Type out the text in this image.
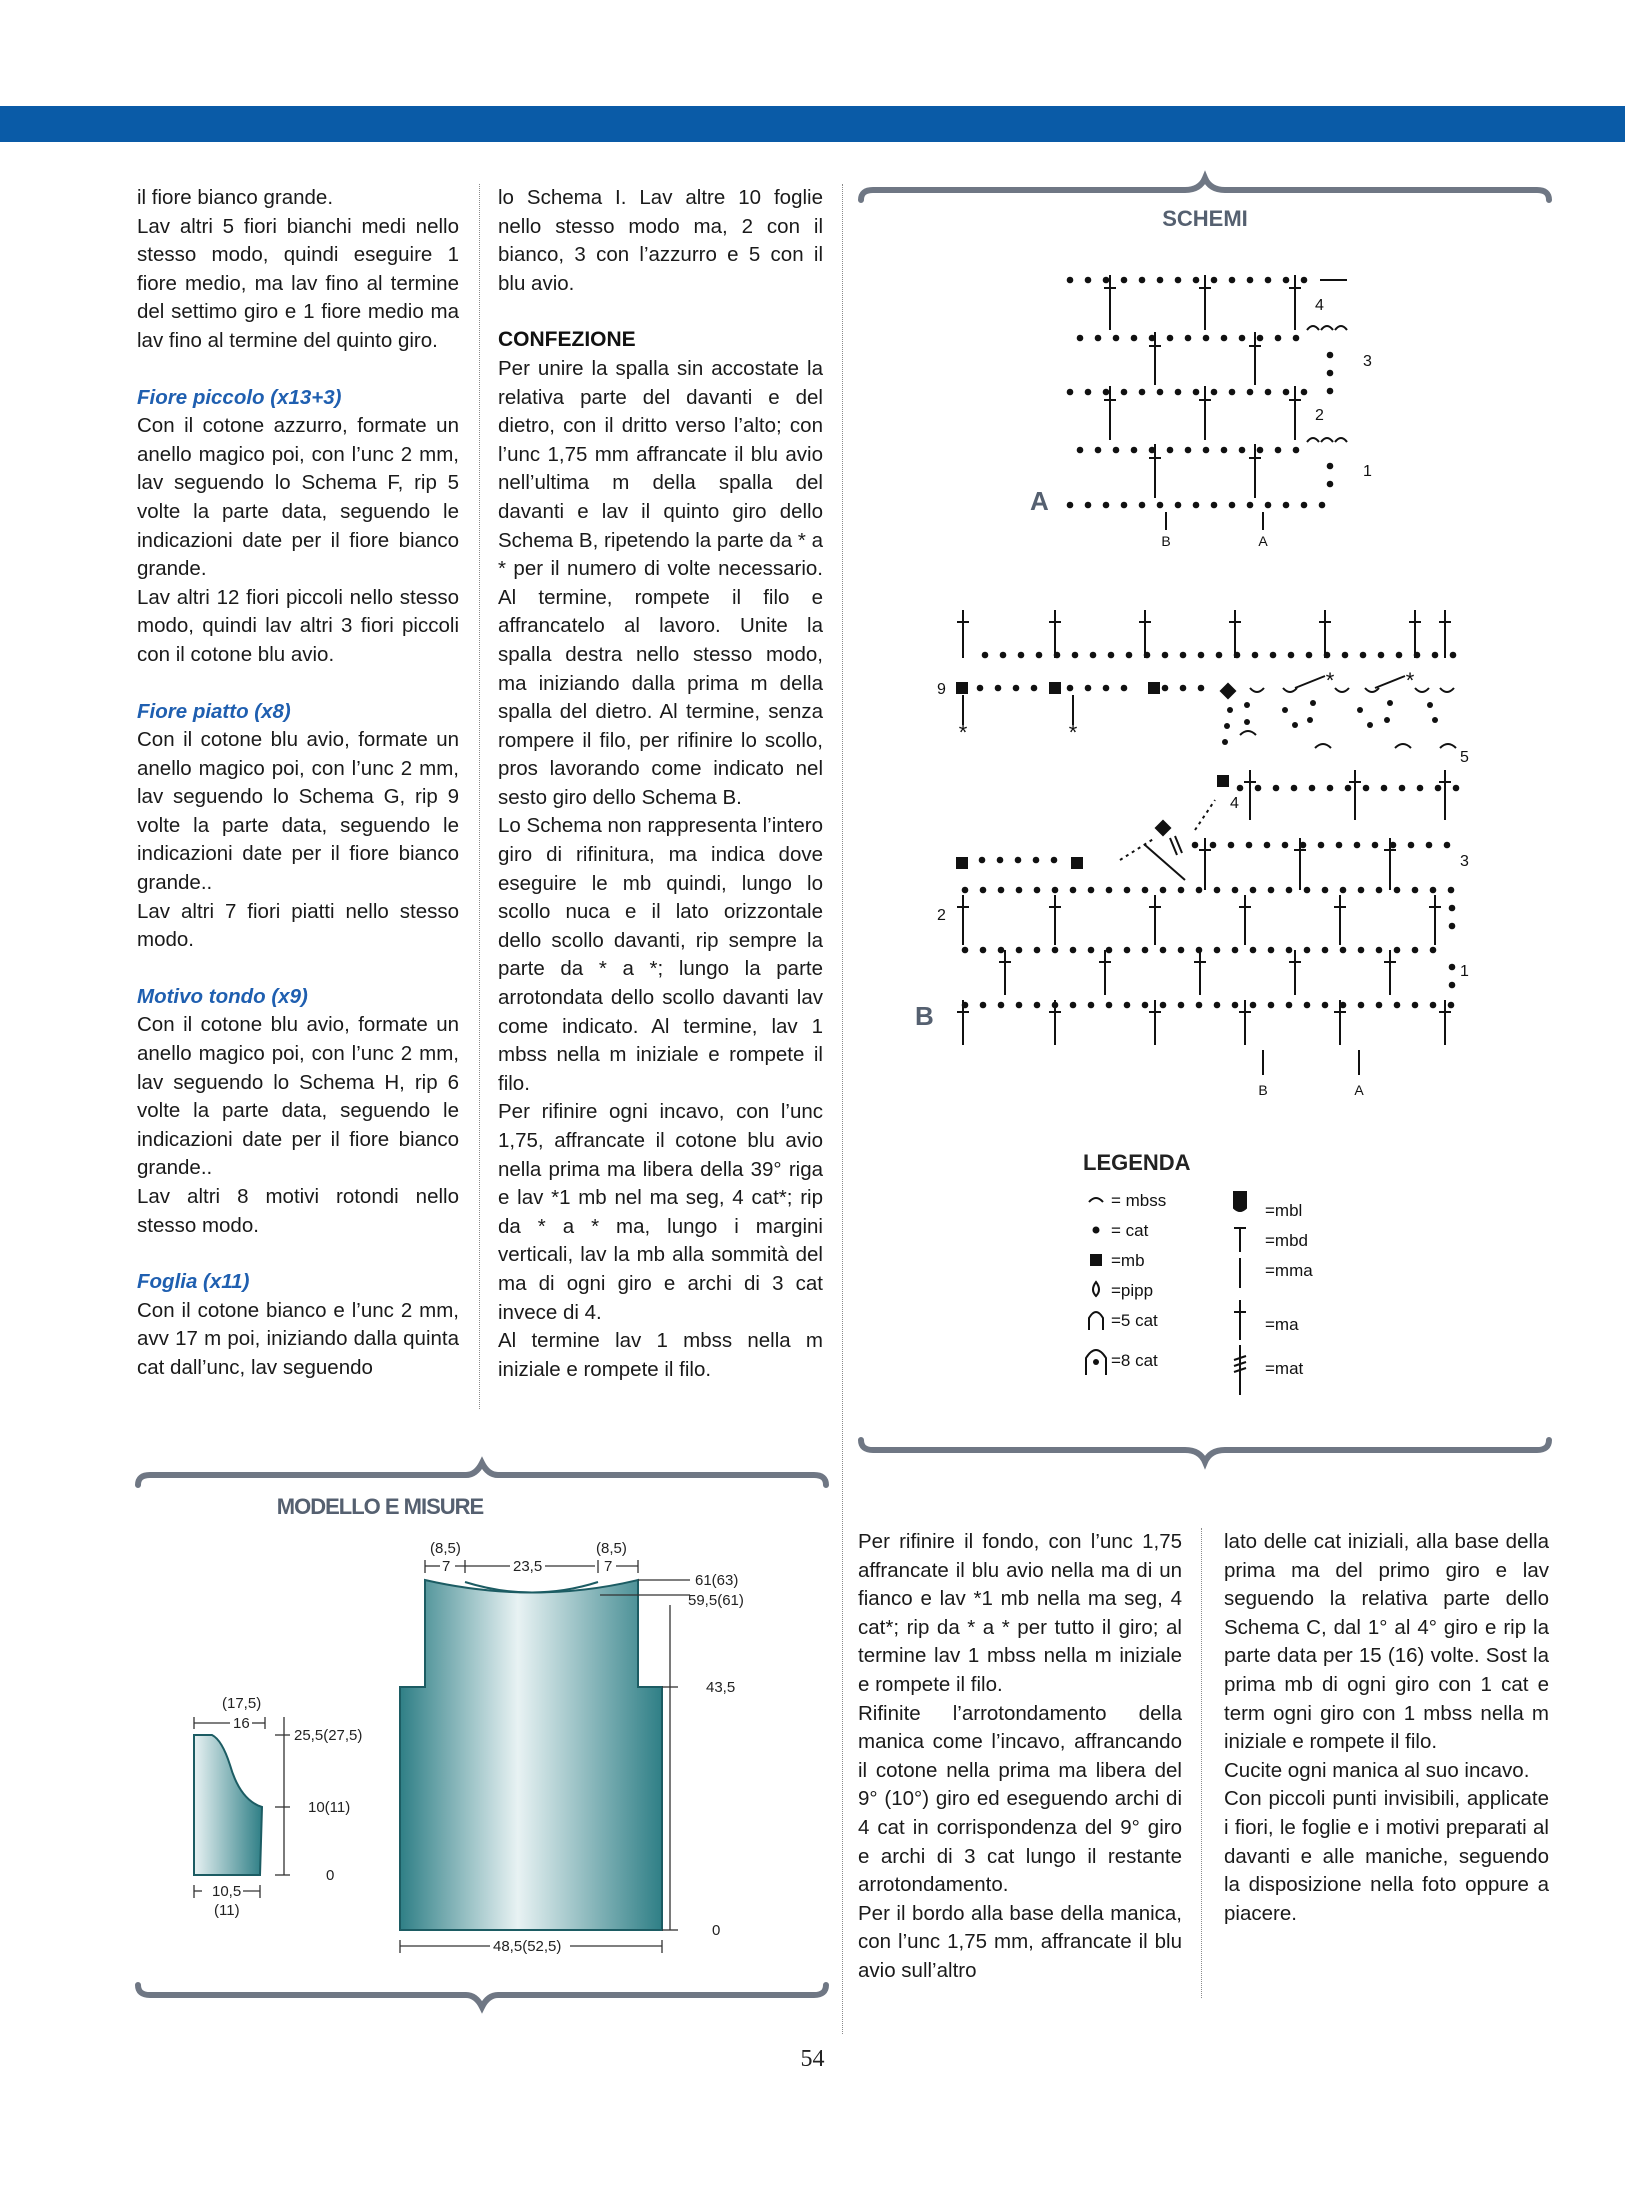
il fiore bianco grande.

Lav altri 5 fiori bianchi medi nello stesso modo, quindi eseguire 1 fiore medio, ma lav fino al termine del settimo giro e 1 fiore medio ma lav fino al termine del quinto giro.

Fiore piccolo (x13+3)

Con il cotone azzurro, formate un anello magico poi, con l’unc 2 mm, lav seguendo lo Schema F, rip 5 volte la parte data, seguendo le indicazioni date per il fiore bianco grande.

Lav altri 12 fiori piccoli nello stesso modo, quindi lav altri 3 fiori piccoli con il cotone blu avio.

Fiore piatto (x8)

Con il cotone blu avio, formate un anello magico poi, con l’unc 2 mm, lav seguendo lo Schema G, rip 9 volte la parte data, seguendo le indicazioni date per il fiore bianco grande..

Lav altri 7 fiori piatti nello stesso modo.

Motivo tondo (x9)

Con il cotone blu avio, formate un anello magico poi, con l’unc 2 mm, lav seguendo lo Schema H, rip 6 volte la parte data, seguendo le indicazioni date per il fiore bianco grande..

Lav altri 8 motivi rotondi nello stesso modo.

Foglia (x11)

Con il cotone bianco e l’unc 2 mm, avv 17 m poi, iniziando dalla quinta cat dall’unc, lav seguendo

lo Schema I. Lav altre 10 foglie nello stesso modo ma, 2 con il bianco, 3 con l’azzurro e 5 con il blu avio.

CONFEZIONE

Per unire la spalla sin accostate la relativa parte del davanti e del dietro, con il dritto verso l’alto; con l’unc 1,75 mm affrancate il blu avio nell’ultima m della spalla del davanti e lav il quinto giro dello Schema B, ripetendo la parte da * a * per il numero di volte necessario. Al termine, rompete il filo e affrancatelo al lavoro. Unite la spalla destra nello stesso modo, ma iniziando dalla prima m della spalla del dietro. Al termine, senza rompere il filo, per rifinire lo scollo, pros lavorando come indicato nel sesto giro dello Schema B.

Lo Schema non rappresenta l’intero giro di rifinitura, ma indica dove eseguire le mb quindi, lungo lo scollo nuca e il lato orizzontale dello scollo davanti, rip sempre la parte da * a *; lungo la parte arrotondata dello scollo davanti lav come indicato. Al termine, lav 1 mbss nella m iniziale e rompete il filo.

Per rifinire ogni incavo, con l’unc 1,75, affrancate il cotone blu avio nella prima ma libera della 39° riga e lav *1 mb nel ma seg, 4 cat*; rip da * a * ma, lungo i margini verticali, lav la mb alla sommità del ma di ogni giro e archi di 3 cat invece di 4.

Al termine lav 1 mbss nella m iniziale e rompete il filo.

SCHEMI
A
4
3
2
1
B	A
B
9
*	*
*	*
5
4
3
2
1
B	A
LEGENDA
= mbss
= cat
=mb
=pipp
=5 cat
=8 cat
=mbl
=mbd
=mma
=ma
=mat
MODELLO E MISURE
(8,5)	(8,5)
7	23,5	7
61(63)
59,5(61)
43,5
0
48,5(52,5)
(17,5)
16
25,5(27,5)
10(11)
0
10,5
(11)

Per rifinire il fondo, con l’unc 1,75 affrancate il blu avio nella ma di un fianco e lav *1 mb nella ma seg, 4 cat*; rip da * a * per tutto il giro; al termine lav 1 mbss nella m iniziale e rompete il filo.

Rifinite l’arrotondamento della manica come l’incavo, affrancando il cotone nella prima ma libera del 9° (10°) giro ed eseguendo archi di 4 cat in corrispondenza del 9° giro e archi di 3 cat lungo il restante arrotondamento.

Per il bordo alla base della manica, con l’unc 1,75 mm, affrancate il blu avio sull’altro

lato delle cat iniziali, alla base della prima ma del primo giro e lav seguendo la relativa parte dello Schema C, dal 1° al 4° giro e rip la parte data per 15 (16) volte. Sost la prima mb di ogni giro con 1 cat e term ogni giro con 1 mbss nella m iniziale e rompete il filo.

Cucite ogni manica al suo incavo.

Con piccoli punti invisibili, applicate i fiori, le foglie e i motivi preparati al davanti e alle maniche, seguendo la disposizione nella foto oppure a piacere.

54
